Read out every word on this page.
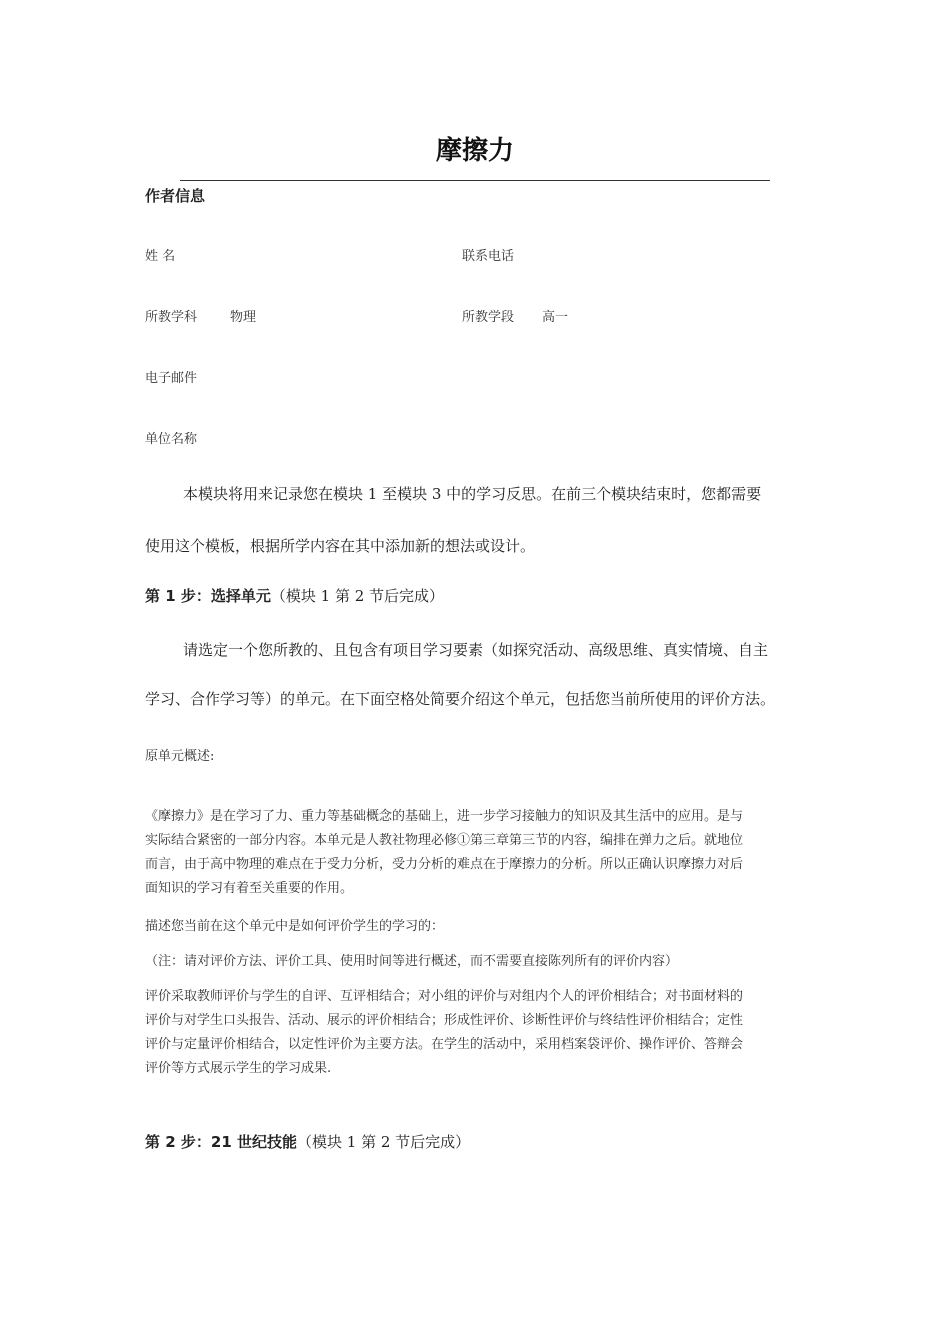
摩擦力
作者信息
姓 名	联系电话
所教学科	物理	所教学段 高一
电子邮件
单位名称
本模块将用来记录您在模块 1 至模块 3 中的学习反思。在前三个模块结束时，您都需要
使用这个模板，根据所学内容在其中添加新的想法或设计。
第 1 步：选择单元（模块 1 第 2 节后完成）
请选定一个您所教的、且包含有项目学习要素（如探究活动、高级思维、真实情境、自主
学习、合作学习等）的单元。在下面空格处简要介绍这个单元，包括您当前所使用的评价方法。
原单元概述:
《摩擦力》是在学习了力、重力等基础概念的基础上，进一步学习接触力的知识及其生活中的应用。是与
实际结合紧密的一部分内容。本单元是人教社物理必修①第三章第三节的内容，编排在弹力之后。就地位
而言，由于高中物理的难点在于受力分析，受力分析的难点在于摩擦力的分析。所以正确认识摩擦力对后
面知识的学习有着至关重要的作用。
描述您当前在这个单元中是如何评价学生的学习的：
（注：请对评价方法、评价工具、使用时间等进行概述，而不需要直接陈列所有的评价内容）
评价采取教师评价与学生的自评、互评相结合；对小组的评价与对组内个人的评价相结合；对书面材料的
评价与对学生口头报告、活动、展示的评价相结合；形成性评价、诊断性评价与终结性评价相结合；定性
评价与定量评价相结合，以定性评价为主要方法。在学生的活动中，采用档案袋评价、操作评价、答辩会
评价等方式展示学生的学习成果.
第 2 步：21 世纪技能（模块 1 第 2 节后完成）
